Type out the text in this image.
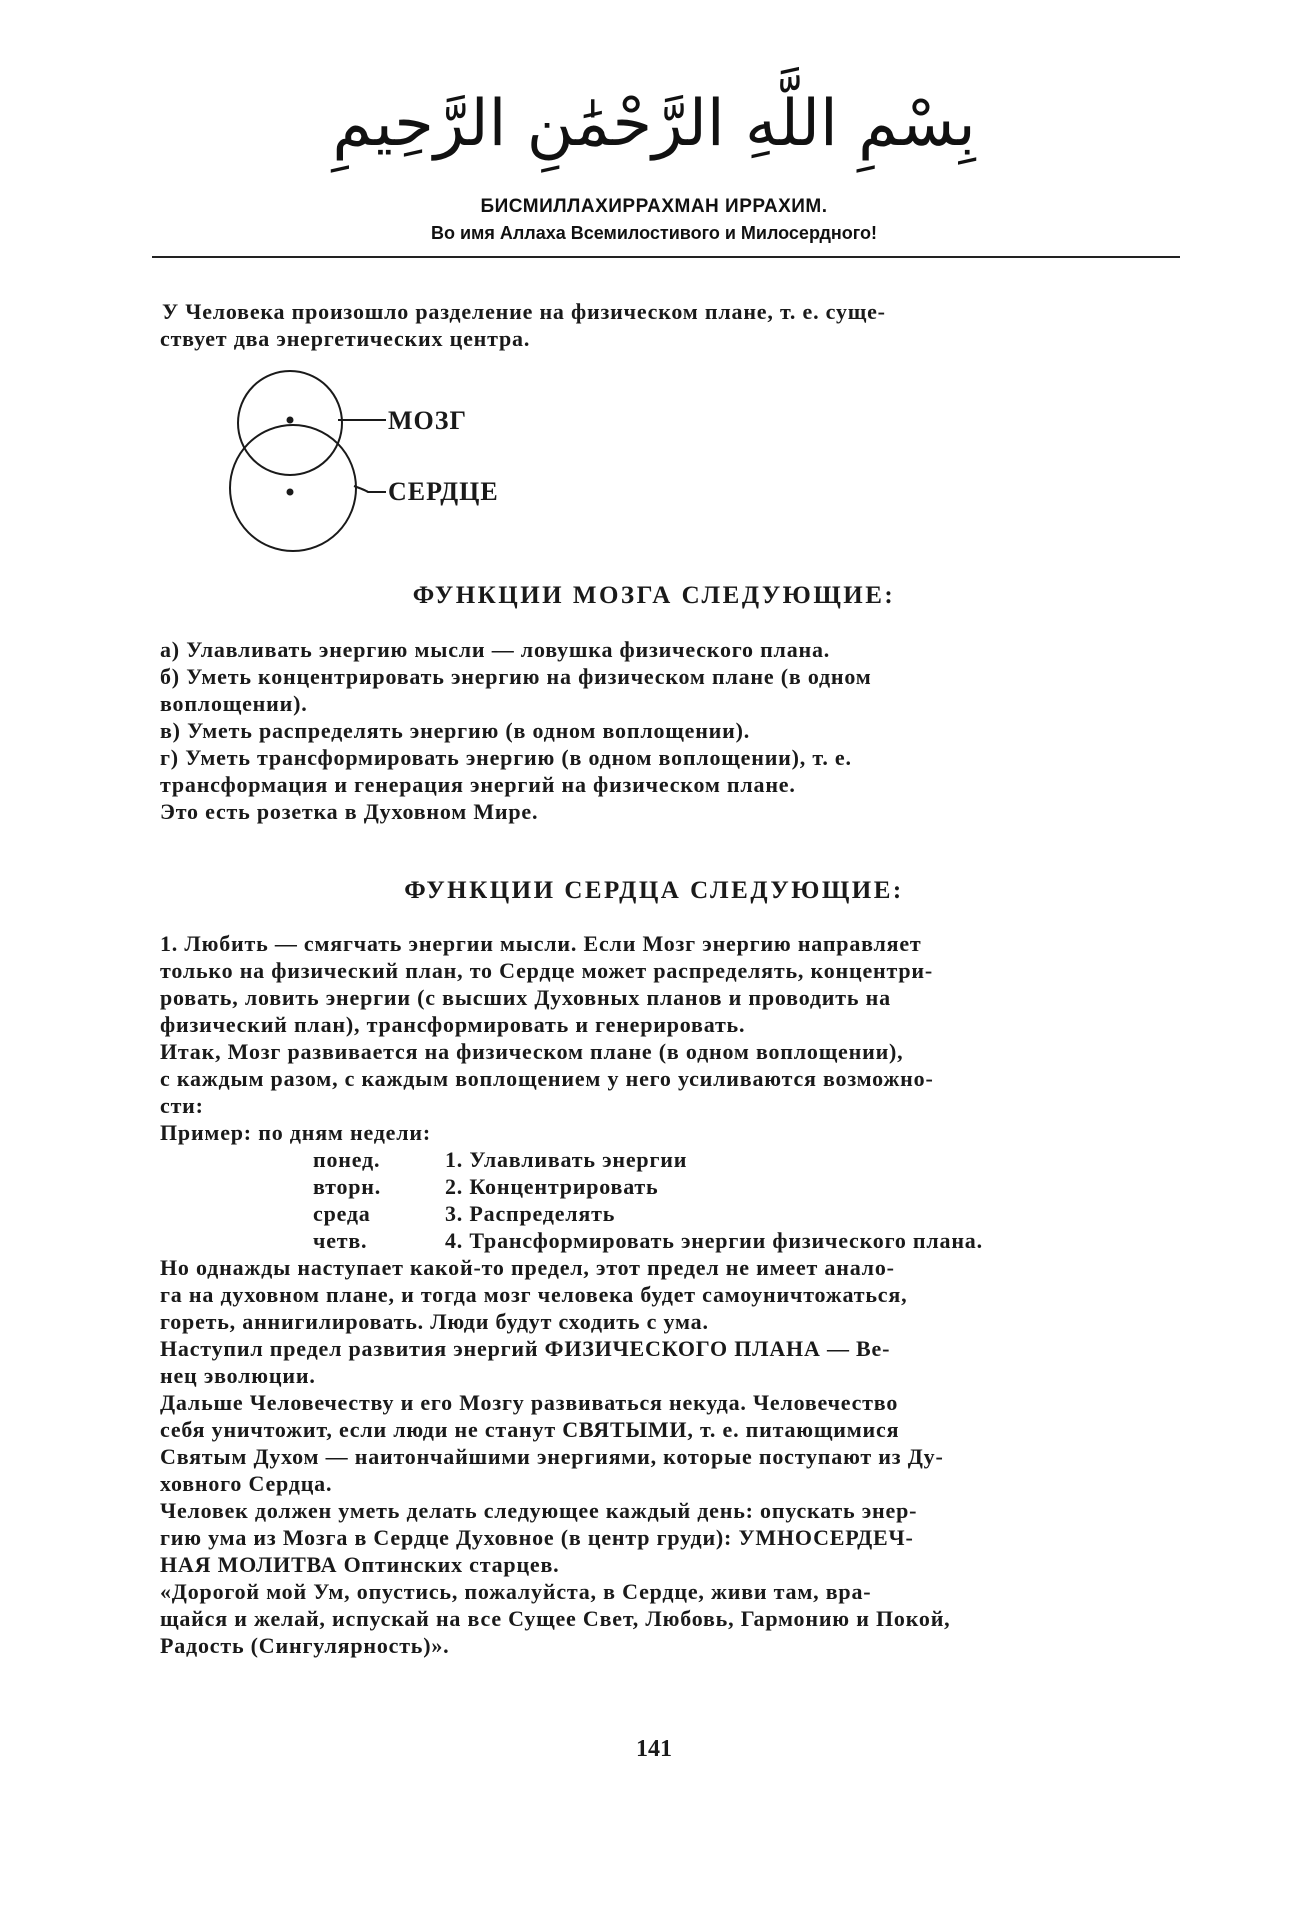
بِسْمِ اللَّهِ الرَّحْمَٰنِ الرَّحِيمِ
БИСМИЛЛАХИРРАХМАН ИРРАХИМ.
Во имя Аллаха Всемилостивого и Милосердного!

У Человека произошло разделение на физическом плане, т. е. суще-

ствует два энергетических центра.

МОЗГ
СЕРДЦЕ
ФУНКЦИИ МОЗГА СЛЕДУЮЩИЕ:

а) Улавливать энергию мысли — ловушка физического плана.

б) Уметь концентрировать энергию на физическом плане (в одном

воплощении).

в) Уметь распределять энергию (в одном воплощении).

г) Уметь трансформировать энергию (в одном воплощении), т. е.

трансформация и генерация энергий на физическом плане.

Это есть розетка в Духовном Мире.

ФУНКЦИИ СЕРДЦА СЛЕДУЮЩИЕ:

1. Любить — смягчать энергии мысли. Если Мозг энергию направляет

только на физический план, то Сердце может распределять, концентри-

ровать, ловить энергии (с высших Духовных планов и проводить на

физический план), трансформировать и генерировать.

Итак, Мозг развивается на физическом плане (в одном воплощении),

с каждым разом, с каждым воплощением у него усиливаются возможно-

сти:

Пример: по дням недели:

понед.	1. Улавливать энергии
вторн.	2. Концентрировать
среда	3. Распределять
четв.	4. Трансформировать энергии физического плана.

Но однажды наступает какой-то предел, этот предел не имеет анало-

га на духовном плане, и тогда мозг человека будет самоуничтожаться,

гореть, аннигилировать. Люди будут сходить с ума.

Наступил предел развития энергий ФИЗИЧЕСКОГО ПЛАНА — Ве-

нец эволюции.

Дальше Человечеству и его Мозгу развиваться некуда. Человечество

себя уничтожит, если люди не станут СВЯТЫМИ, т. е. питающимися

Святым Духом — наитончайшими энергиями, которые поступают из Ду-

ховного Сердца.

Человек должен уметь делать следующее каждый день: опускать энер-

гию ума из Мозга в Сердце Духовное (в центр груди): УМНОСЕРДЕЧ-

НАЯ МОЛИТВА Оптинских старцев.

«Дорогой мой Ум, опустись, пожалуйста, в Сердце, живи там, вра-

щайся и желай, испускай на все Сущее Свет, Любовь, Гармонию и Покой,

Радость (Сингулярность)».

141
